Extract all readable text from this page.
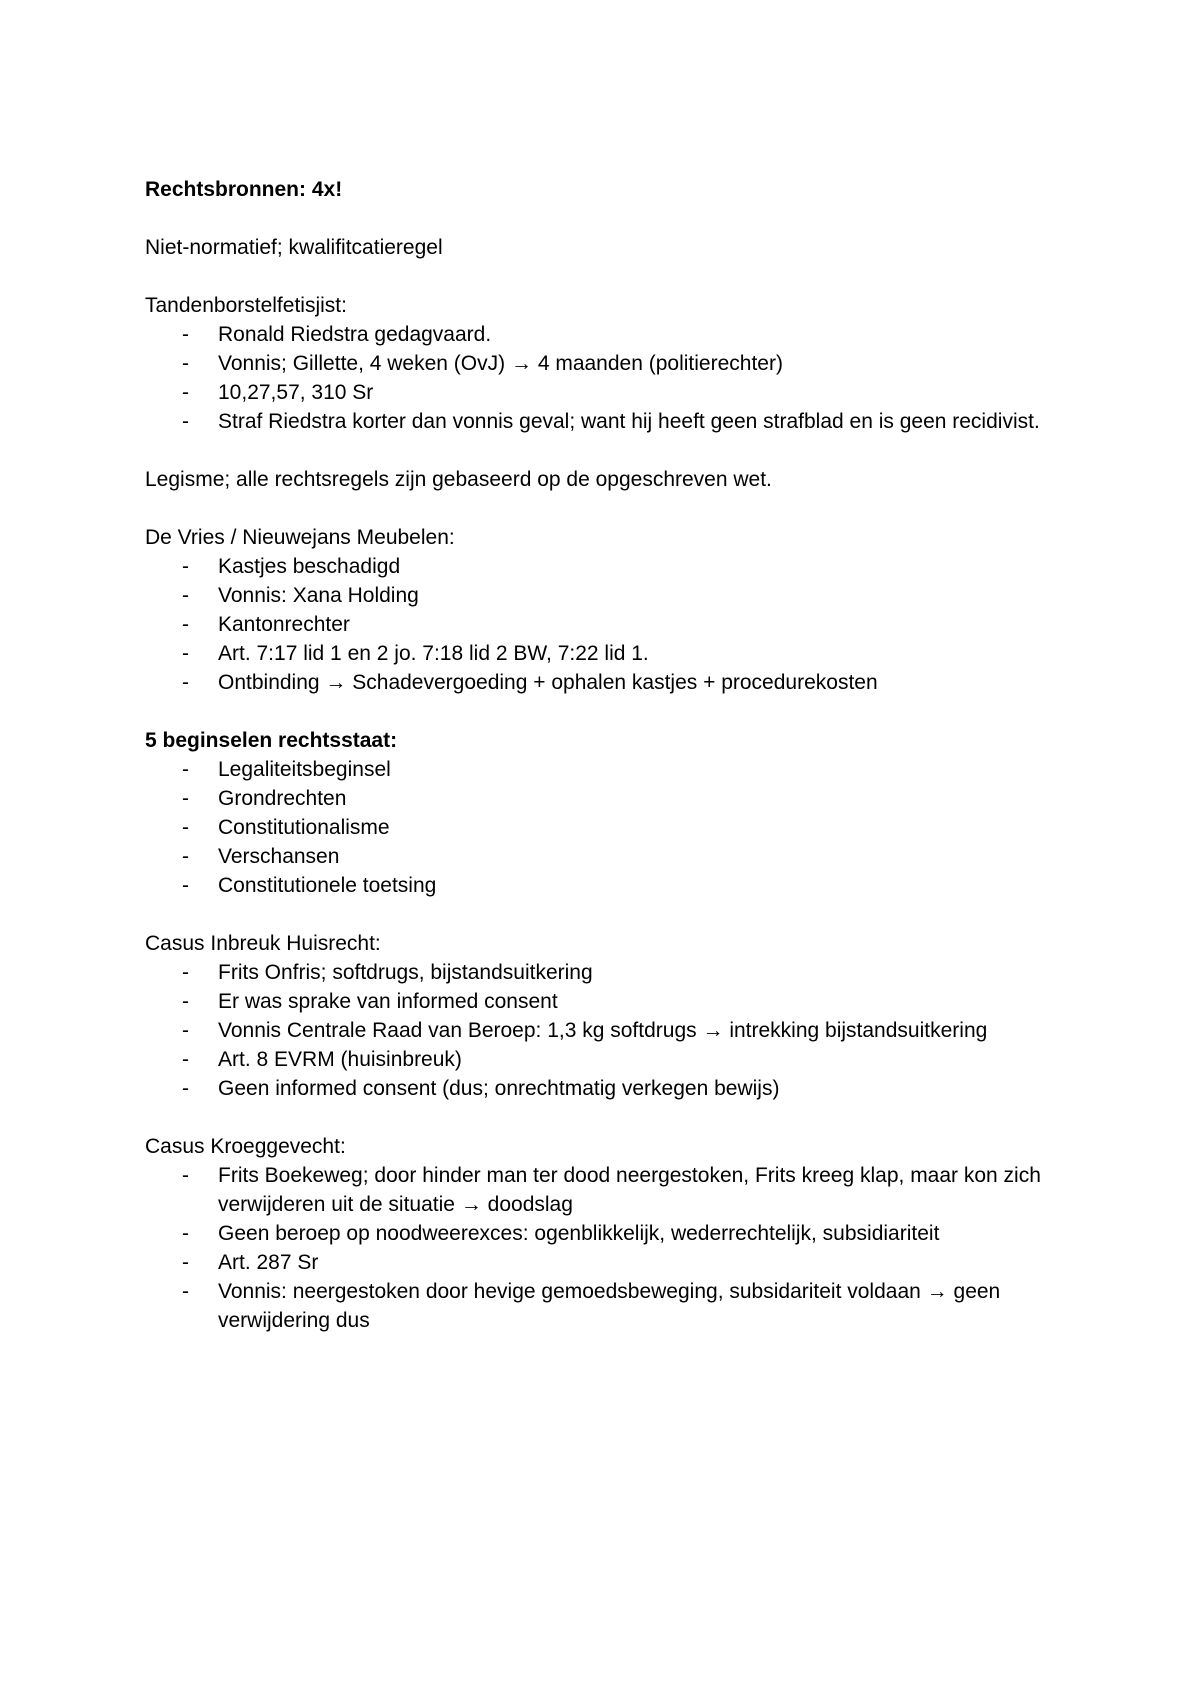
Rechtsbronnen: 4x!

Niet-normatief; kwalifitcatieregel

Tandenborstelfetisjist:

- Ronald Riedstra gedagvaard.
- Vonnis; Gillette, 4 weken (OvJ) → 4 maanden (politierechter)
- 10,27,57, 310 Sr
- Straf Riedstra korter dan vonnis geval; want hij heeft geen strafblad en is geen recidivist.

Legisme; alle rechtsregels zijn gebaseerd op de opgeschreven wet.

De Vries / Nieuwejans Meubelen:

- Kastjes beschadigd
- Vonnis: Xana Holding
- Kantonrechter
- Art. 7:17 lid 1 en 2 jo. 7:18 lid 2 BW, 7:22 lid 1.
- Ontbinding → Schadevergoeding + ophalen kastjes + procedurekosten

5 beginselen rechtsstaat:

- Legaliteitsbeginsel
- Grondrechten
- Constitutionalisme
- Verschansen
- Constitutionele toetsing

Casus Inbreuk Huisrecht:

- Frits Onfris; softdrugs, bijstandsuitkering
- Er was sprake van informed consent
- Vonnis Centrale Raad van Beroep: 1,3 kg softdrugs → intrekking bijstandsuitkering
- Art. 8 EVRM (huisinbreuk)
- Geen informed consent (dus; onrechtmatig verkegen bewijs)

Casus Kroeggevecht:

- Frits Boekeweg; door hinder man ter dood neergestoken, Frits kreeg klap, maar kon zich verwijderen uit de situatie → doodslag
- Geen beroep op noodweerexces: ogenblikkelijk, wederrechtelijk, subsidiariteit
- Art. 287 Sr
- Vonnis: neergestoken door hevige gemoedsbeweging, subsidariteit voldaan → geen verwijdering dus
